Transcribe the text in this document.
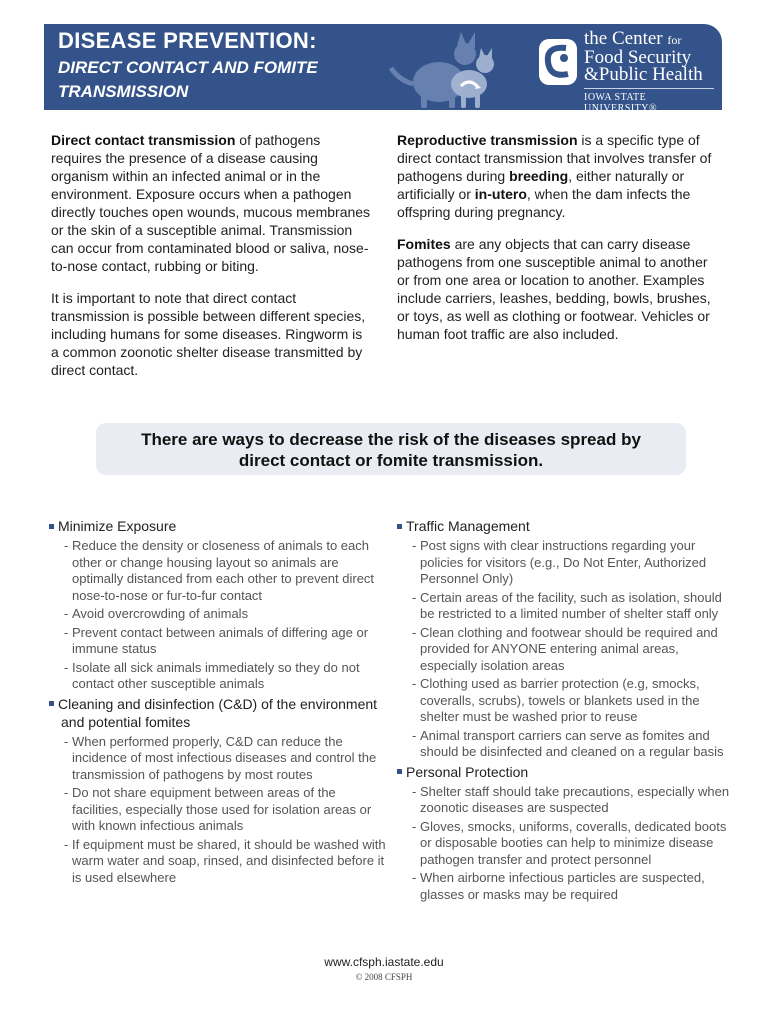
DISEASE PREVENTION:
DIRECT CONTACT AND FOMITE
TRANSMISSION
the Center for
Food Security
&Public Health
IOWA STATE UNIVERSITY®

Direct contact transmission of pathogens requires the presence of a disease causing organism within an infected animal or in the environment. Exposure occurs when a pathogen directly touches open wounds, mucous membranes or the skin of a susceptible animal. Transmission can occur from contaminated blood or saliva, nose-to-nose contact, rubbing or biting.

It is important to note that direct contact transmission is possible between different species, including humans for some diseases. Ringworm is a common zoonotic shelter disease transmitted by direct contact.

Reproductive transmission is a specific type of direct contact transmission that involves transfer of pathogens during breeding, either naturally or artificially or in-utero, when the dam infects the offspring during pregnancy.

Fomites are any objects that can carry disease pathogens from one susceptible animal to another or from one area or location to another. Examples include carriers, leashes, bedding, bowls, brushes, or toys, as well as clothing or footwear. Vehicles or human foot traffic are also included.

There are ways to decrease the risk of the diseases spread by
direct contact or fomite transmission.
Minimize Exposure
- Reduce the density or closeness of animals to each other or change housing layout so animals are optimally distanced from each other to prevent direct nose-to-nose or fur-to-fur contact
- Avoid overcrowding of animals
- Prevent contact between animals of differing age or immune status
- Isolate all sick animals immediately so they do not contact other susceptible animals
Cleaning and disinfection (C&D) of the environment
and potential fomites
- When performed properly, C&D can reduce the incidence of most infectious diseases and control the transmission of pathogens by most routes
- Do not share equipment between areas of the facilities, especially those used for isolation areas or with known infectious animals
- If equipment must be shared, it should be washed with warm water and soap, rinsed, and disinfected before it is used elsewhere
Traffic Management
- Post signs with clear instructions regarding your policies for visitors (e.g., Do Not Enter, Authorized Personnel Only)
- Certain areas of the facility, such as isolation, should be restricted to a limited number of shelter staff only
- Clean clothing and footwear should be required and provided for ANYONE entering animal areas, especially isolation areas
- Clothing used as barrier protection (e.g, smocks, coveralls, scrubs), towels or blankets used in the shelter must be washed prior to reuse
- Animal transport carriers can serve as fomites and should be disinfected and cleaned on a regular basis
Personal Protection
- Shelter staff should take precautions, especially when zoonotic diseases are suspected
- Gloves, smocks, uniforms, coveralls, dedicated boots or disposable booties can help to minimize disease pathogen transfer and protect personnel
- When airborne infectious particles are suspected, glasses or masks may be required
www.cfsph.iastate.edu
© 2008 CFSPH
